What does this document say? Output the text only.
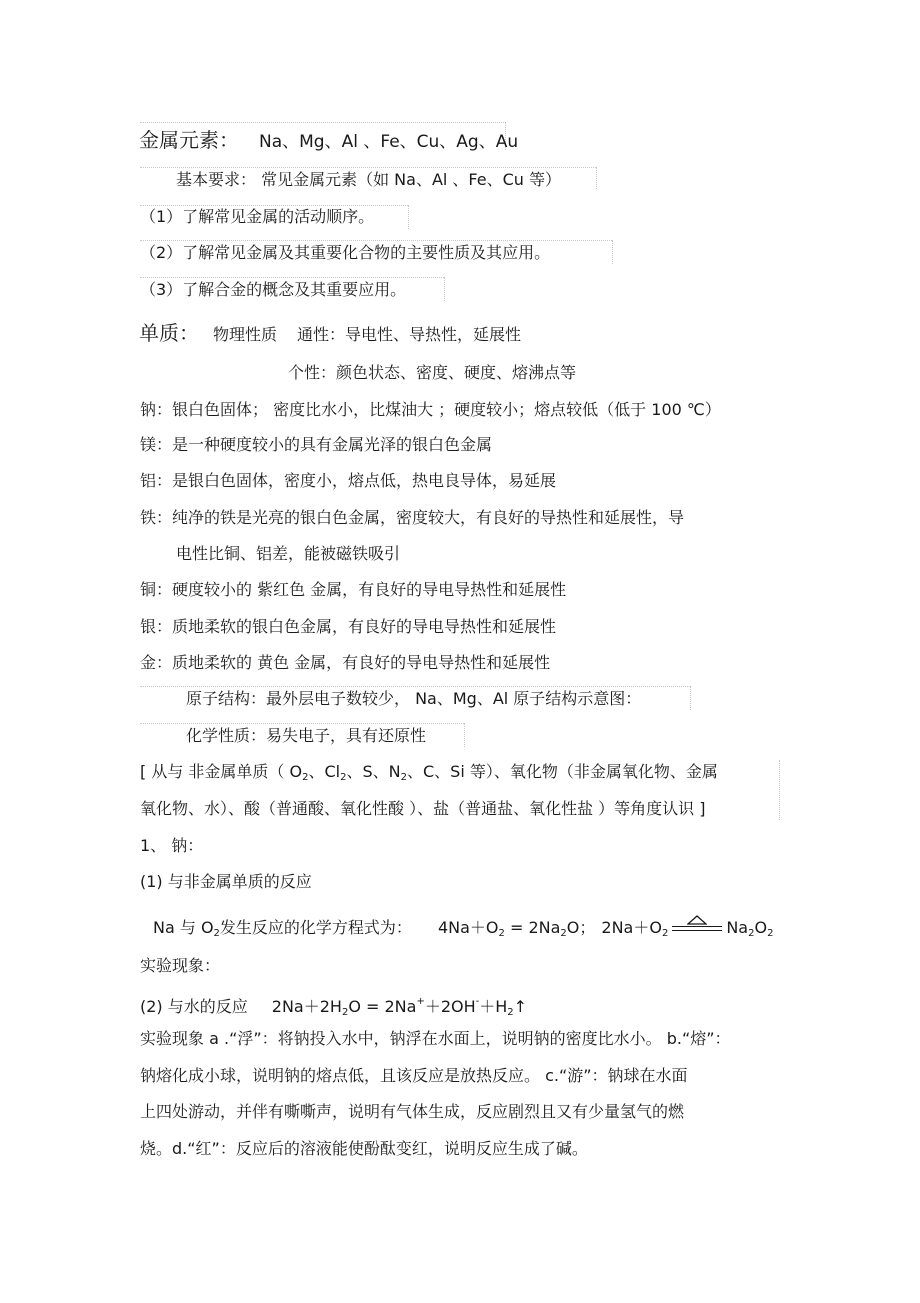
金属元素： Na、Mg、Al 、Fe、Cu、Ag、Au
基本要求： 常见金属元素（如 Na、Al 、Fe、Cu 等）
（1）了解常见金属的活动顺序。
（2）了解常见金属及其重要化合物的主要性质及其应用。
（3）了解合金的概念及其重要应用。
单质： 物理性质 通性：导电性、导热性，延展性
个性：颜色状态、密度、硬度、熔沸点等
钠：银白色固体； 密度比水小，比煤油大 ；硬度较小；熔点较低（低于 100 ℃）
镁：是一种硬度较小的具有金属光泽的银白色金属
铝：是银白色固体，密度小，熔点低，热电良导体，易延展
铁：纯净的铁是光亮的银白色金属，密度较大，有良好的导热性和延展性，导
电性比铜、铝差，能被磁铁吸引
铜：硬度较小的 紫红色 金属，有良好的导电导热性和延展性
银：质地柔软的银白色金属，有良好的导电导热性和延展性
金：质地柔软的 黄色 金属，有良好的导电导热性和延展性
原子结构：最外层电子数较少， Na、Mg、Al 原子结构示意图：
化学性质：易失电子，具有还原性
[ 从与 非金属单质（ $O_2$、$Cl_2$、S、$N_2$、C、Si 等）、氧化物（非金属氧化物、金属
氧化物、水）、酸（普通酸、氧化性酸 ）、盐（普通盐、氧化性盐 ）等角度认识 ]
1、 钠：
(1) 与非金属单质的反应
Na 与 $O_2$发生反应的化学方程式为： $4Na+O_2 = 2Na_2O$； $2Na+O_2$	$Na_2O_2$
实验现象：
(2) 与水的反应 $2Na+2H_2O$ = $2Na^++2OH^-+H_2↑$
实验现象 a .“浮”：将钠投入水中，钠浮在水面上，说明钠的密度比水小。 b.“熔”：
钠熔化成小球，说明钠的熔点低，且该反应是放热反应。 c.“游”：钠球在水面
上四处游动，并伴有嘶嘶声，说明有气体生成，反应剧烈且又有少量氢气的燃
烧。d.“红”：反应后的溶液能使酚酞变红，说明反应生成了碱。
